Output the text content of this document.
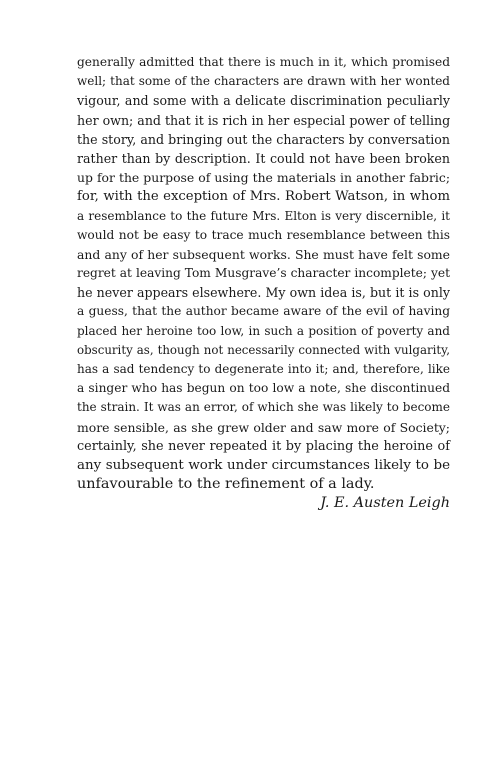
generally admitted that there is much in it, which promised
well; that some of the characters are drawn with her wonted
vigour, and some with a delicate discrimination peculiarly
her own; and that it is rich in her especial power of telling
the story, and bringing out the characters by conversation
rather than by description. It could not have been broken
up for the purpose of using the materials in another fabric;
for, with the exception of Mrs. Robert Watson, in whom
a resemblance to the future Mrs. Elton is very discernible, it
would not be easy to trace much resemblance between this
and any of her subsequent works. She must have felt some
regret at leaving Tom Musgrave’s character incomplete; yet
he never appears elsewhere. My own idea is, but it is only
a guess, that the author became aware of the evil of having
placed her heroine too low, in such a position of poverty and
obscurity as, though not necessarily connected with vulgarity,
has a sad tendency to degenerate into it; and, therefore, like
a singer who has begun on too low a note, she discontinued
the strain. It was an error, of which she was likely to become
more sensible, as she grew older and saw more of Society;
certainly, she never repeated it by placing the heroine of
any subsequent work under circumstances likely to be
unfavourable to the refinement of a lady.
J. E. Austen Leigh
